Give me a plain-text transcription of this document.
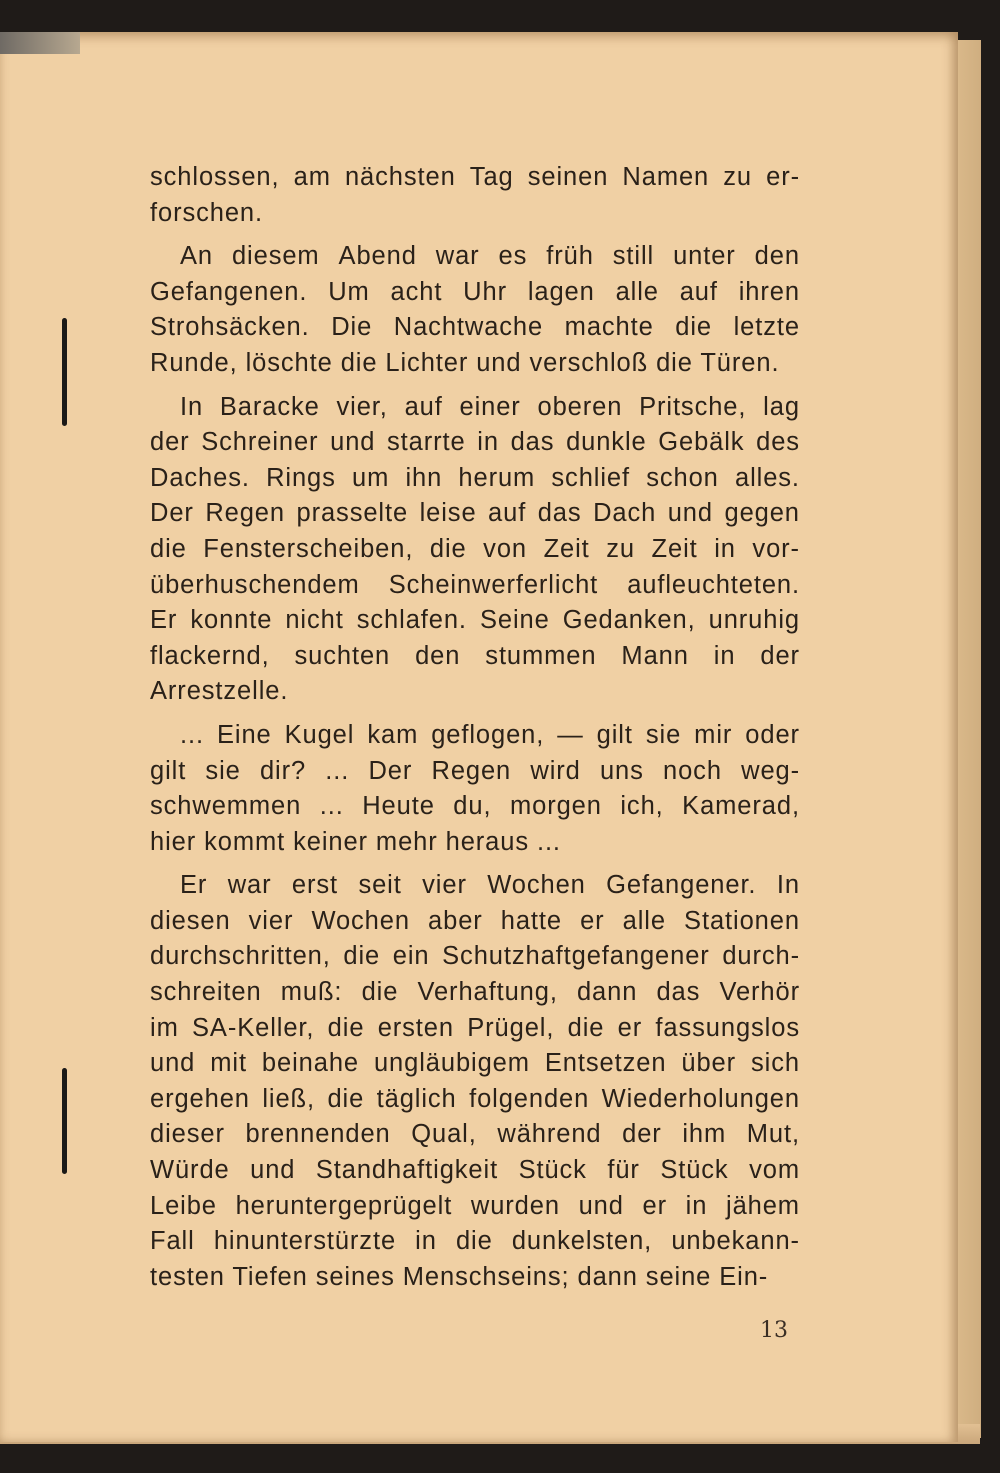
schlossen, am nächsten Tag seinen Namen zu er-
forschen.
An diesem Abend war es früh still unter den
Gefangenen. Um acht Uhr lagen alle auf ihren
Strohsäcken. Die Nachtwache machte die letzte
Runde, löschte die Lichter und verschloß die Türen.
In Baracke vier, auf einer oberen Pritsche, lag
der Schreiner und starrte in das dunkle Gebälk des
Daches. Rings um ihn herum schlief schon alles.
Der Regen prasselte leise auf das Dach und gegen
die Fensterscheiben, die von Zeit zu Zeit in vor-
überhuschendem Scheinwerferlicht aufleuchteten.
Er konnte nicht schlafen. Seine Gedanken, unruhig
flackernd, suchten den stummen Mann in der
Arrestzelle.
... Eine Kugel kam geflogen, — gilt sie mir oder
gilt sie dir? ... Der Regen wird uns noch weg-
schwemmen ... Heute du, morgen ich, Kamerad,
hier kommt keiner mehr heraus ...
Er war erst seit vier Wochen Gefangener. In
diesen vier Wochen aber hatte er alle Stationen
durchschritten, die ein Schutzhaftgefangener durch-
schreiten muß: die Verhaftung, dann das Verhör
im SA-Keller, die ersten Prügel, die er fassungslos
und mit beinahe ungläubigem Entsetzen über sich
ergehen ließ, die täglich folgenden Wiederholungen
dieser brennenden Qual, während der ihm Mut,
Würde und Standhaftigkeit Stück für Stück vom
Leibe heruntergeprügelt wurden und er in jähem
Fall hinunterstürzte in die dunkelsten, unbekann-
testen Tiefen seines Menschseins; dann seine Ein-
13
